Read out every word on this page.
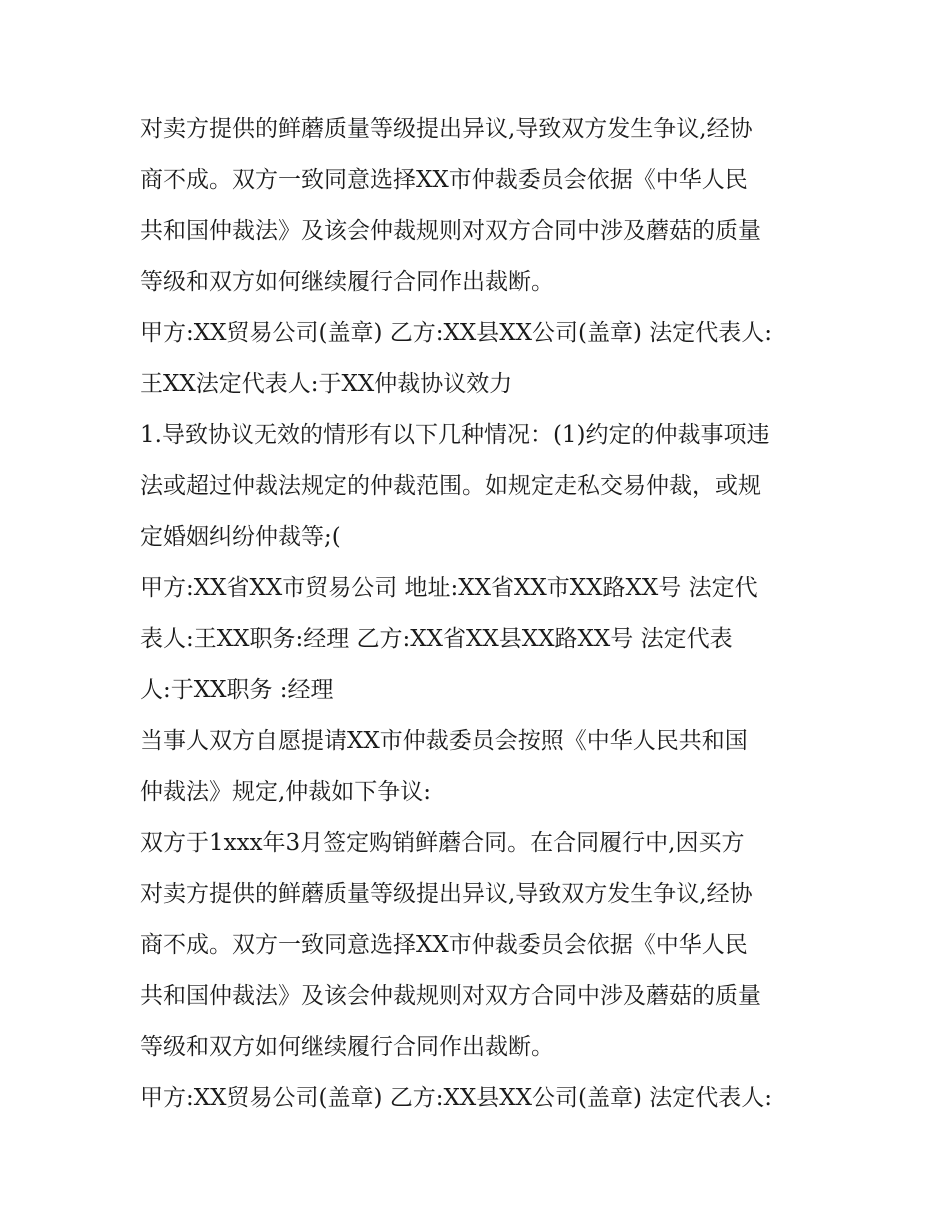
对卖方提供的鲜蘑质量等级提出异议,导致双方发生争议,经协
商不成。双方一致同意选择XX市仲裁委员会依据《中华人民
共和国仲裁法》及该会仲裁规则对双方合同中涉及蘑菇的质量
等级和双方如何继续履行合同作出裁断。
甲方:XX贸易公司(盖章) 乙方:XX县XX公司(盖章) 法定代表人:
王XX法定代表人:于XX仲裁协议效力
1.导致协议无效的情形有以下几种情况：(1)约定的仲裁事项违
法或超过仲裁法规定的仲裁范围。如规定走私交易仲裁，或规
定婚姻纠纷仲裁等;(
甲方:XX省XX市贸易公司 地址:XX省XX市XX路XX号 法定代
表人:王XX职务:经理 乙方:XX省XX县XX路XX号 法定代表
人:于XX职务 :经理
当事人双方自愿提请XX市仲裁委员会按照《中华人民共和国
仲裁法》规定,仲裁如下争议:
双方于1xxx年3月签定购销鲜蘑合同。在合同履行中,因买方
对卖方提供的鲜蘑质量等级提出异议,导致双方发生争议,经协
商不成。双方一致同意选择XX市仲裁委员会依据《中华人民
共和国仲裁法》及该会仲裁规则对双方合同中涉及蘑菇的质量
等级和双方如何继续履行合同作出裁断。
甲方:XX贸易公司(盖章) 乙方:XX县XX公司(盖章) 法定代表人:
